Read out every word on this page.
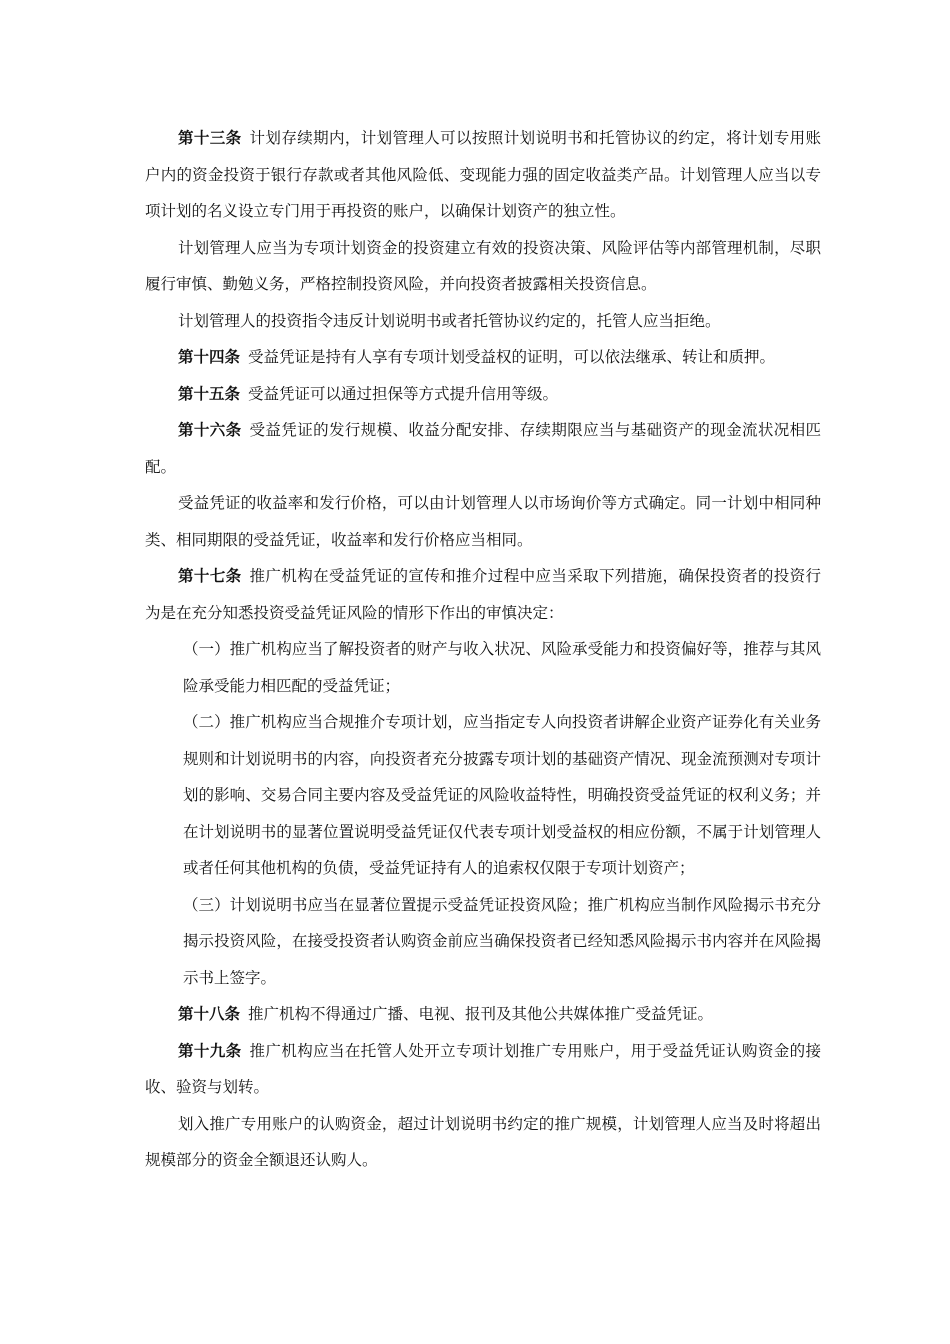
第十三条 计划存续期内，计划管理人可以按照计划说明书和托管协议的约定，将计划专用账户内的资金投资于银行存款或者其他风险低、变现能力强的固定收益类产品。计划管理人应当以专项计划的名义设立专门用于再投资的账户，以确保计划资产的独立性。

计划管理人应当为专项计划资金的投资建立有效的投资决策、风险评估等内部管理机制，尽职履行审慎、勤勉义务，严格控制投资风险，并向投资者披露相关投资信息。

计划管理人的投资指令违反计划说明书或者托管协议约定的，托管人应当拒绝。

第十四条 受益凭证是持有人享有专项计划受益权的证明，可以依法继承、转让和质押。

第十五条 受益凭证可以通过担保等方式提升信用等级。

第十六条 受益凭证的发行规模、收益分配安排、存续期限应当与基础资产的现金流状况相匹配。

受益凭证的收益率和发行价格，可以由计划管理人以市场询价等方式确定。同一计划中相同种类、相同期限的受益凭证，收益率和发行价格应当相同。

第十七条 推广机构在受益凭证的宣传和推介过程中应当采取下列措施，确保投资者的投资行为是在充分知悉投资受益凭证风险的情形下作出的审慎决定：

（一）推广机构应当了解投资者的财产与收入状况、风险承受能力和投资偏好等，推荐与其风险承受能力相匹配的受益凭证；

（二）推广机构应当合规推介专项计划，应当指定专人向投资者讲解企业资产证券化有关业务规则和计划说明书的内容，向投资者充分披露专项计划的基础资产情况、现金流预测对专项计划的影响、交易合同主要内容及受益凭证的风险收益特性，明确投资受益凭证的权利义务；并在计划说明书的显著位置说明受益凭证仅代表专项计划受益权的相应份额，不属于计划管理人或者任何其他机构的负债，受益凭证持有人的追索权仅限于专项计划资产；

（三）计划说明书应当在显著位置提示受益凭证投资风险；推广机构应当制作风险揭示书充分揭示投资风险，在接受投资者认购资金前应当确保投资者已经知悉风险揭示书内容并在风险揭示书上签字。

第十八条 推广机构不得通过广播、电视、报刊及其他公共媒体推广受益凭证。

第十九条 推广机构应当在托管人处开立专项计划推广专用账户，用于受益凭证认购资金的接收、验资与划转。

划入推广专用账户的认购资金，超过计划说明书约定的推广规模，计划管理人应当及时将超出规模部分的资金全额退还认购人。
